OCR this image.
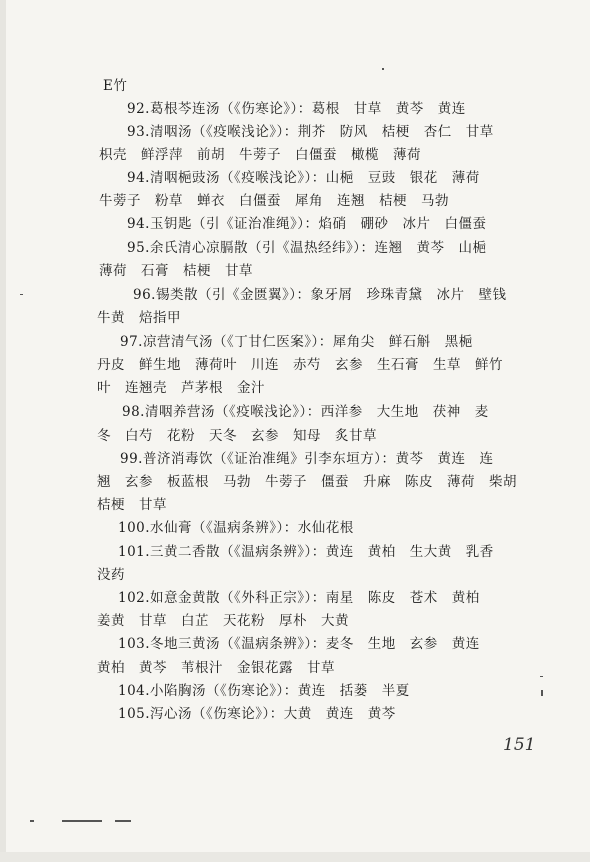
E竹
92.葛根芩连汤（《伤寒论》）：葛根　甘草　黄芩　黄连
93.清咽汤（《疫喉浅论》）：荆芥　防风　桔梗　杏仁　甘草
枳壳　鲜浮萍　前胡　牛蒡子　白僵蚕　橄榄　薄荷
94.清咽梔豉汤（《疫喉浅论》）：山梔　豆豉　银花　薄荷
牛蒡子　粉草　蝉衣　白僵蚕　犀角　连翘　桔梗　马勃
94.玉钥匙（引《证治准绳》）：焰硝　硼砂　冰片　白僵蚕
95.余氏清心凉膈散（引《温热经纬》）：连翘　黄芩　山梔
薄荷　石膏　桔梗　甘草
96.锡类散（引《金匮翼》）：象牙屑　珍珠青黛　冰片　壁钱
牛黄　焙指甲
97.凉营清气汤（《丁甘仁医案》）：犀角尖　鲜石斛　黑梔
丹皮　鲜生地　薄荷叶　川连　赤芍　玄参　生石膏　生草　鲜竹
叶　连翘壳　芦茅根　金汁
98.清咽养营汤（《疫喉浅论》）：西洋参　大生地　茯神　麦
冬　白芍　花粉　天冬　玄参　知母　炙甘草
99.普济消毒饮（《证治准绳》引李东垣方）：黄芩　黄连　连
翘　玄参　板蓝根　马勃　牛蒡子　僵蚕　升麻　陈皮　薄荷　柴胡
桔梗　甘草
100.水仙膏（《温病条辨》）：水仙花根
101.三黄二香散（《温病条辨》）：黄连　黄柏　生大黄　乳香
没药
102.如意金黄散（《外科正宗》）：南星　陈皮　苍术　黄柏
姜黄　甘草　白芷　天花粉　厚朴　大黄
103.冬地三黄汤（《温病条辨》）：麦冬　生地　玄参　黄连
黄柏　黄芩　苇根汁　金银花露　甘草
104.小陷胸汤（《伤寒论》）：黄连　括蒌　半夏
105.泻心汤（《伤寒论》）：大黄　黄连　黄芩
151
